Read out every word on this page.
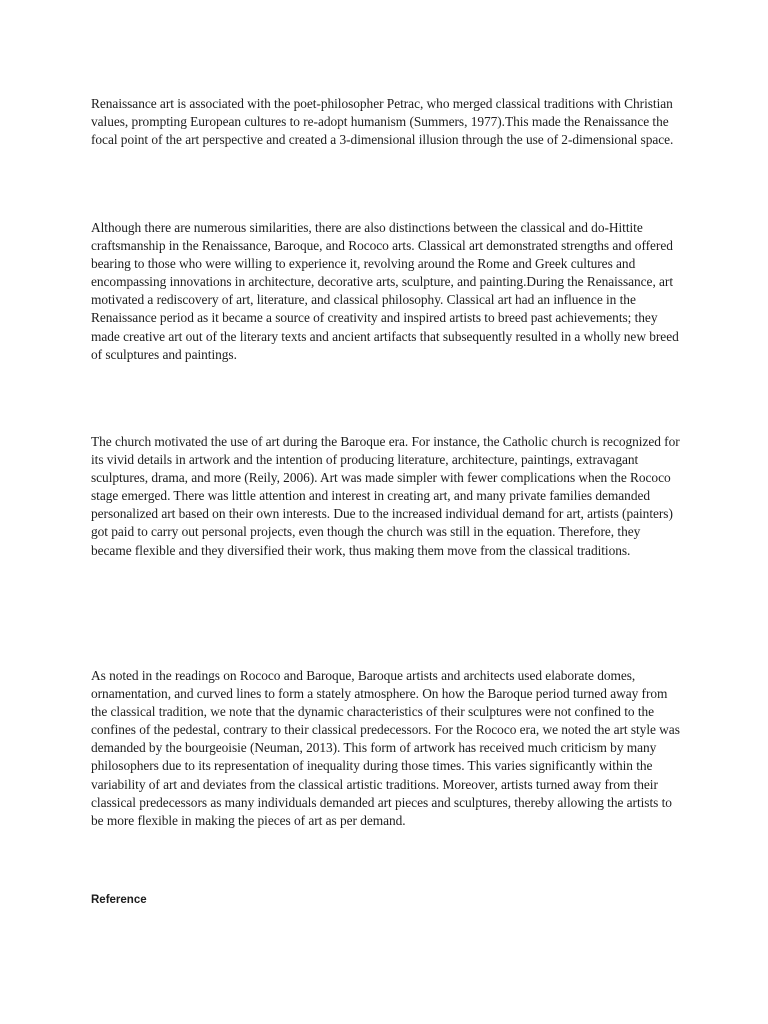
Renaissance art is associated with the poet-philosopher Petrac, who merged classical traditions with Christian values, prompting European cultures to re-adopt humanism (Summers, 1977).This made the Renaissance the focal point of the art perspective and created a 3-dimensional illusion through the use of 2-dimensional space.

Although there are numerous similarities, there are also distinctions between the classical and do-Hittite craftsmanship in the Renaissance, Baroque, and Rococo arts. Classical art demonstrated strengths and offered bearing to those who were willing to experience it, revolving around the Rome and Greek cultures and encompassing innovations in architecture, decorative arts, sculpture, and painting.During the Renaissance, art motivated a rediscovery of art, literature, and classical philosophy. Classical art had an influence in the Renaissance period as it became a source of creativity and inspired artists to breed past achievements; they made creative art out of the literary texts and ancient artifacts that subsequently resulted in a wholly new breed of sculptures and paintings.

The church motivated the use of art during the Baroque era. For instance, the Catholic church is recognized for its vivid details in artwork and the intention of producing literature, architecture, paintings, extravagant sculptures, drama, and more (Reily, 2006). Art was made simpler with fewer complications when the Rococo stage emerged. There was little attention and interest in creating art, and many private families demanded personalized art based on their own interests. Due to the increased individual demand for art, artists (painters) got paid to carry out personal projects, even though the church was still in the equation. Therefore, they became flexible and they diversified their work, thus making them move from the classical traditions.

As noted in the readings on Rococo and Baroque, Baroque artists and architects used elaborate domes, ornamentation, and curved lines to form a stately atmosphere. On how the Baroque period turned away from the classical tradition, we note that the dynamic characteristics of their sculptures were not confined to the confines of the pedestal, contrary to their classical predecessors. For the Rococo era, we noted the art style was demanded by the bourgeoisie (Neuman, 2013). This form of artwork has received much criticism by many philosophers due to its representation of inequality during those times. This varies significantly within the variability of art and deviates from the classical artistic traditions. Moreover, artists turned away from their classical predecessors as many individuals demanded art pieces and sculptures, thereby allowing the artists to be more flexible in making the pieces of art as per demand.

Reference
